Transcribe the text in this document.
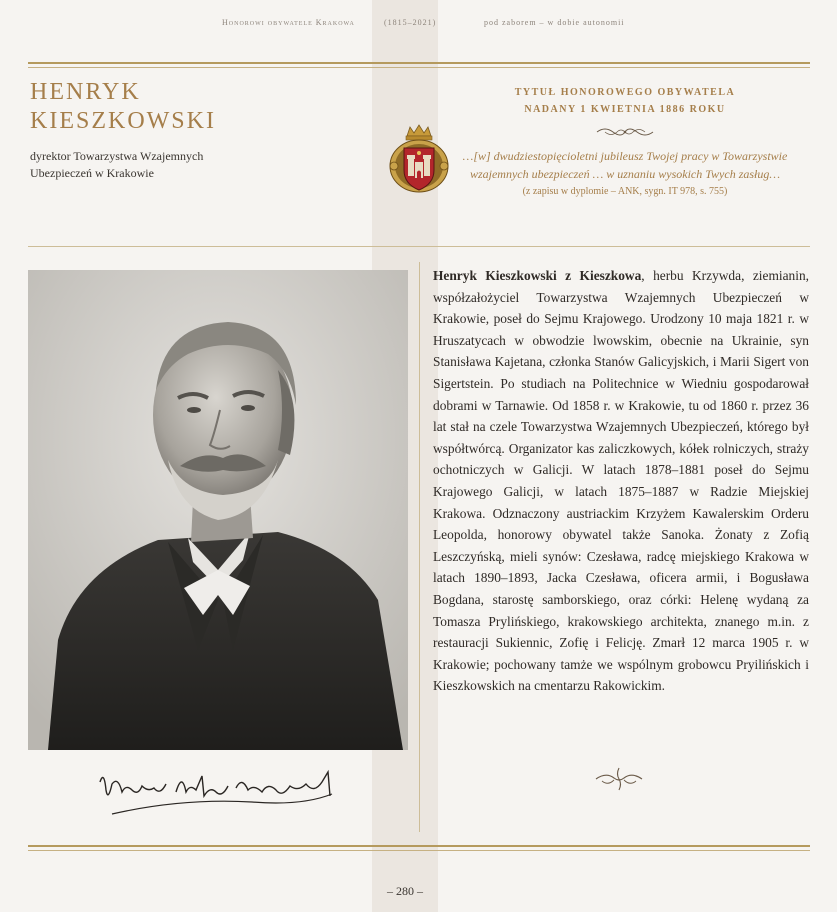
Honorowi obywatele Krakowa	(1815–2021)	pod zaborem – w dobie autonomii
HENRYK
KIESZKOWSKI
dyrektor Towarzystwa Wzajemnych Ubezpieczeń w Krakowie
TYTUŁ HONOROWEGO OBYWATELA
NADANY 1 KWIETNIA 1886 ROKU

…[w] dwudziestopięcioletni jubileusz Twojej pracy w Towarzystwie wzajemnych ubezpieczeń … w uznaniu wysokich Twych zasług…

(z zapisu w dyplomie – ANK, sygn. IT 978, s. 755)

Henryk Kieszkowski z Kieszkowa, herbu Krzywda, ziemianin, współzałożyciel Towarzystwa Wzajemnych Ubezpieczeń w Krakowie, poseł do Sejmu Krajowego. Urodzony 10 maja 1821 r. w Hruszatycach w obwodzie lwowskim, obecnie na Ukrainie, syn Stanisława Kajetana, członka Stanów Galicyjskich, i Marii Sigert von Sigertstein. Po studiach na Politechnice w Wiedniu gospodarował dobrami w Tarnawie. Od 1858 r. w Krakowie, tu od 1860 r. przez 36 lat stał na czele Towarzystwa Wzajemnych Ubezpieczeń, którego był współtwórcą. Organizator kas zaliczkowych, kółek rolniczych, straży ochotniczych w Galicji. W latach 1878–1881 poseł do Sejmu Krajowego Galicji, w latach 1875–1887 w Radzie Miejskiej Krakowa. Odznaczony austriackim Krzyżem Kawalerskim Orderu Leopolda, honorowy obywatel także Sanoka. Żonaty z Zofią Leszczyńską, mieli synów: Czesława, radcę miejskiego Krakowa w latach 1890–1893, Jacka Czesława, oficera armii, i Bogusława Bogdana, starostę samborskiego, oraz córki: Helenę wydaną za Tomasza Prylińskiego, krakowskiego architekta, znanego m.in. z restauracji Sukiennic, Zofię i Felicję. Zmarł 12 marca 1905 r. w Krakowie; pochowany tamże we wspólnym grobowcu Pryilińskich i Kieszkowskich na cmentarzu Rakowickim.

– 280 –
